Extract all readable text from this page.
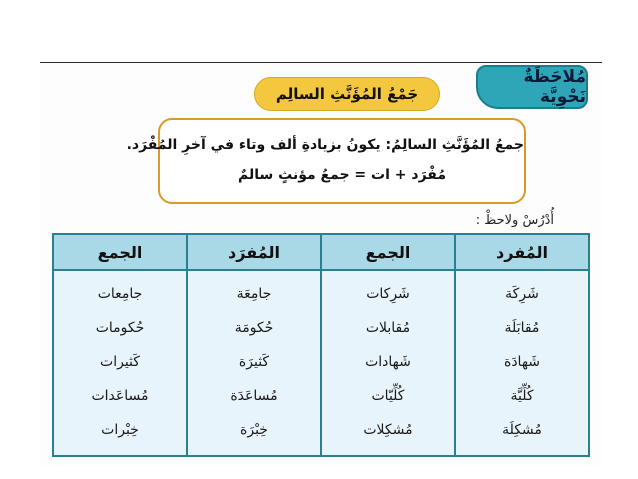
مُلاحَظَةٌ نَحْوِيَّة
جَمْعُ المُؤَنَّثِ السالِم
جمعُ المُؤَنَّثِ السالِمُ: يكونُ بزيادةِ ألف وتاء في آخرِ المُفْرَد.
مُفْرَد + ات = جمعُ مؤنثٍ سالمٌ
أُدْرُسْ ولاحظْ :
المُفرد
شَرِكَة
مُقابَلَة
شَهادَة
كُلِّيَّة
مُشكِلَة
الجمع
شَرِكات
مُقابلات
شَهادات
كُلِّيّات
مُشكِلات
المُفرَد
جامِعَة
حُكومَة
كَثيرَة
مُساعَدَة
خِبْرَة
الجمع
جامِعات
حُكومات
كَثيرات
مُساعَدات
خِبْرات
